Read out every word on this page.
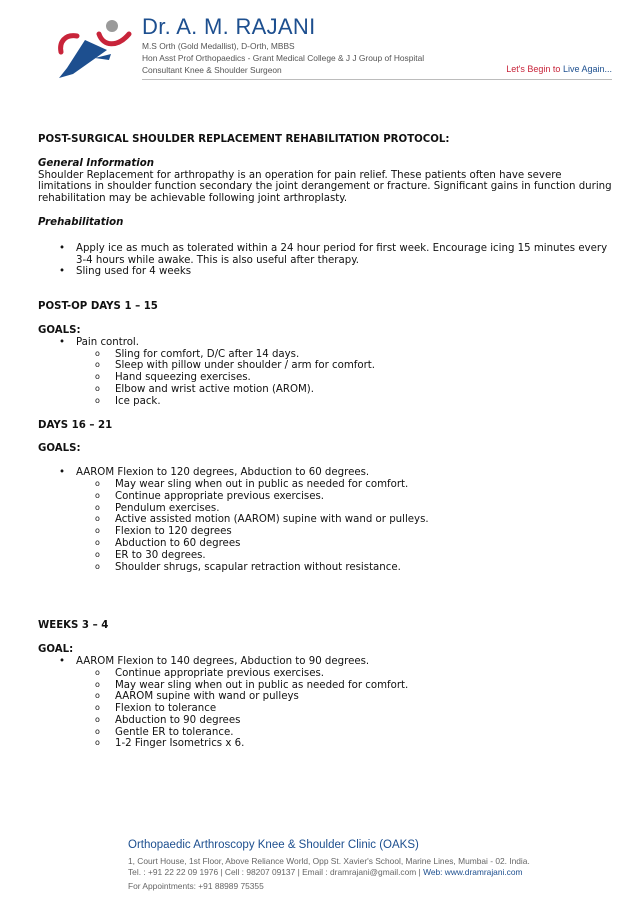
Dr. A. M. RAJANI
M.S Orth (Gold Medallist), D-Orth, MBBS
Hon Asst Prof Orthopaedics - Grant Medical College & J J Group of Hospital
Consultant Knee & Shoulder Surgeon	Let's Begin to Live Again...

POST-SURGICAL SHOULDER REPLACEMENT REHABILITATION PROTOCOL:

General Information

Shoulder Replacement for arthropathy is an operation for pain relief. These patients often have severe limitations in shoulder function secondary the joint derangement or fracture. Significant gains in function during rehabilitation may be achievable following joint arthroplasty.

Prehabilitation

• Apply ice as much as tolerated within a 24 hour period for first week. Encourage icing 15 minutes every 3-4 hours while awake. This is also useful after therapy.
• Sling used for 4 weeks

POST-OP DAYS 1 – 15

GOALS:

• Pain control.
o Sling for comfort, D/C after 14 days.
o Sleep with pillow under shoulder / arm for comfort.
o Hand squeezing exercises.
o Elbow and wrist active motion (AROM).
o Ice pack.

DAYS 16 – 21

GOALS:

• AAROM Flexion to 120 degrees, Abduction to 60 degrees.
o May wear sling when out in public as needed for comfort.
o Continue appropriate previous exercises.
o Pendulum exercises.
o Active assisted motion (AAROM) supine with wand or pulleys.
o Flexion to 120 degrees
o Abduction to 60 degrees
o ER to 30 degrees.
o Shoulder shrugs, scapular retraction without resistance.

WEEKS 3 – 4

GOAL:

• AAROM Flexion to 140 degrees, Abduction to 90 degrees.
o Continue appropriate previous exercises.
o May wear sling when out in public as needed for comfort.
o AAROM supine with wand or pulleys
o Flexion to tolerance
o Abduction to 90 degrees
o Gentle ER to tolerance.
o 1-2 Finger Isometrics x 6.
Orthopaedic Arthroscopy Knee & Shoulder Clinic (OAKS)
1, Court House, 1st Floor, Above Reliance World, Opp St. Xavier's School, Marine Lines, Mumbai - 02. India.
Tel. : +91 22 22 09 1976 | Cell : 98207 09137 | Email : dramrajani@gmail.com | Web: www.dramrajani.com
For Appointments: +91 88989 75355
